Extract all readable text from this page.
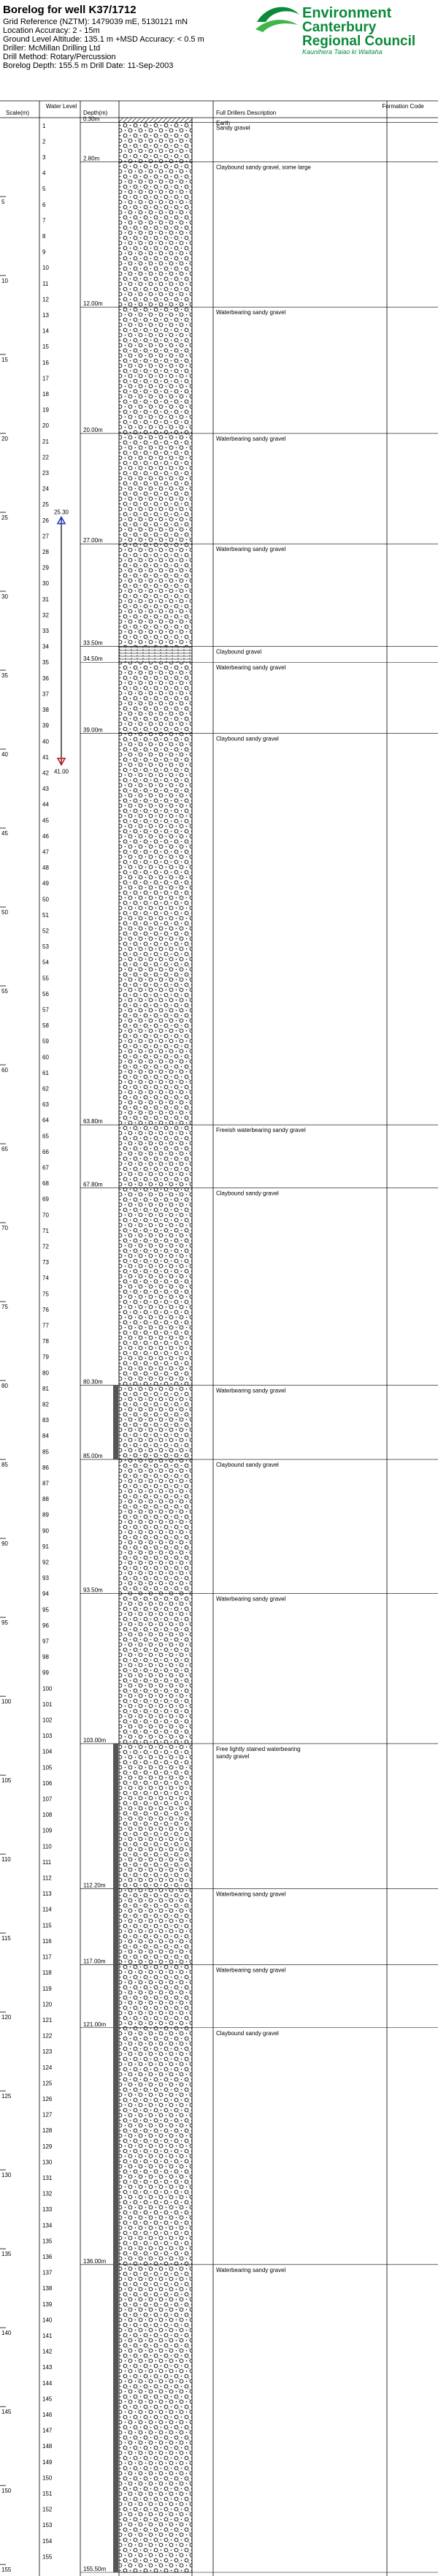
Borelog for well K37/1712
Grid Reference (NZTM): 1479039 mE, 5130121 mN
Location Accuracy: 2 - 15m
Ground Level Altitude: 135.1 m +MSD Accuracy: < 0.5 m
Driller: McMillan Drilling Ltd
Drill Method: Rotary/Percussion
Borelog Depth: 155.5 m Drill Date: 11-Sep-2003
Environment
Canterbury
Regional Council
Kaunihera Taiao ki Waitaha
Scale(m)
Water Level
Depth(m)	Full Drillers Description
Formation Code
0.30m
Earth
2.80m
Sandy gravel
12.00m
Claybound sandy gravel, some large
20.00m
Waterbearing sandy gravel
27.00m
Waterbearing sandy gravel
33.50m
Waterbearing sandy gravel
34.50m
Claybound gravel
39.00m
Waterbearing sandy gravel
63.80m
Claybound sandy gravel
67.80m
Freeish waterbearing sandy gravel
80.30m
Claybound sandy gravel
85.00m
Waterbearing sandy gravel
93.50m
Claybound sandy gravel
103.00m
Waterbearing sandy gravel
112.20m
Free lightly stained waterbearing sandy gravel
117.00m
Waterbearing sandy gravel
121.00m
Waterbearing sandy gravel
136.00m
Claybound sandy gravel
155.50m
Waterbearing sandy gravel
1
2
3
4
5
6
7
8
9
10
11
12
13
14
15
16
17
18
19
20
21
22
23
24
25
26
27
28
29
30
31
32
33
34
35
36
37
38
39
40
41
42
43
44
45
46
47
48
49
50
51
52
53
54
55
56
57
58
59
60
61
62
63
64
65
66
67
68
69
70
71
72
73
74
75
76
77
78
79
80
81
82
83
84
85
86
87
88
89
90
91
92
93
94
95
96
97
98
99
100
101
102
103
104
105
106
107
108
109
110
111
112
113
114
115
116
117
118
119
120
121
122
123
124
125
126
127
128
129
130
131
132
133
134
135
136
137
138
139
140
141
142
143
144
145
146
147
148
149
150
151
152
153
154
155
5
10
15
20
25
30
35
40
45
50
55
60
65
70
75
80
85
90
95
100
105
110
115
120
125
130
135
140
145
150
155
25.30
41.00
